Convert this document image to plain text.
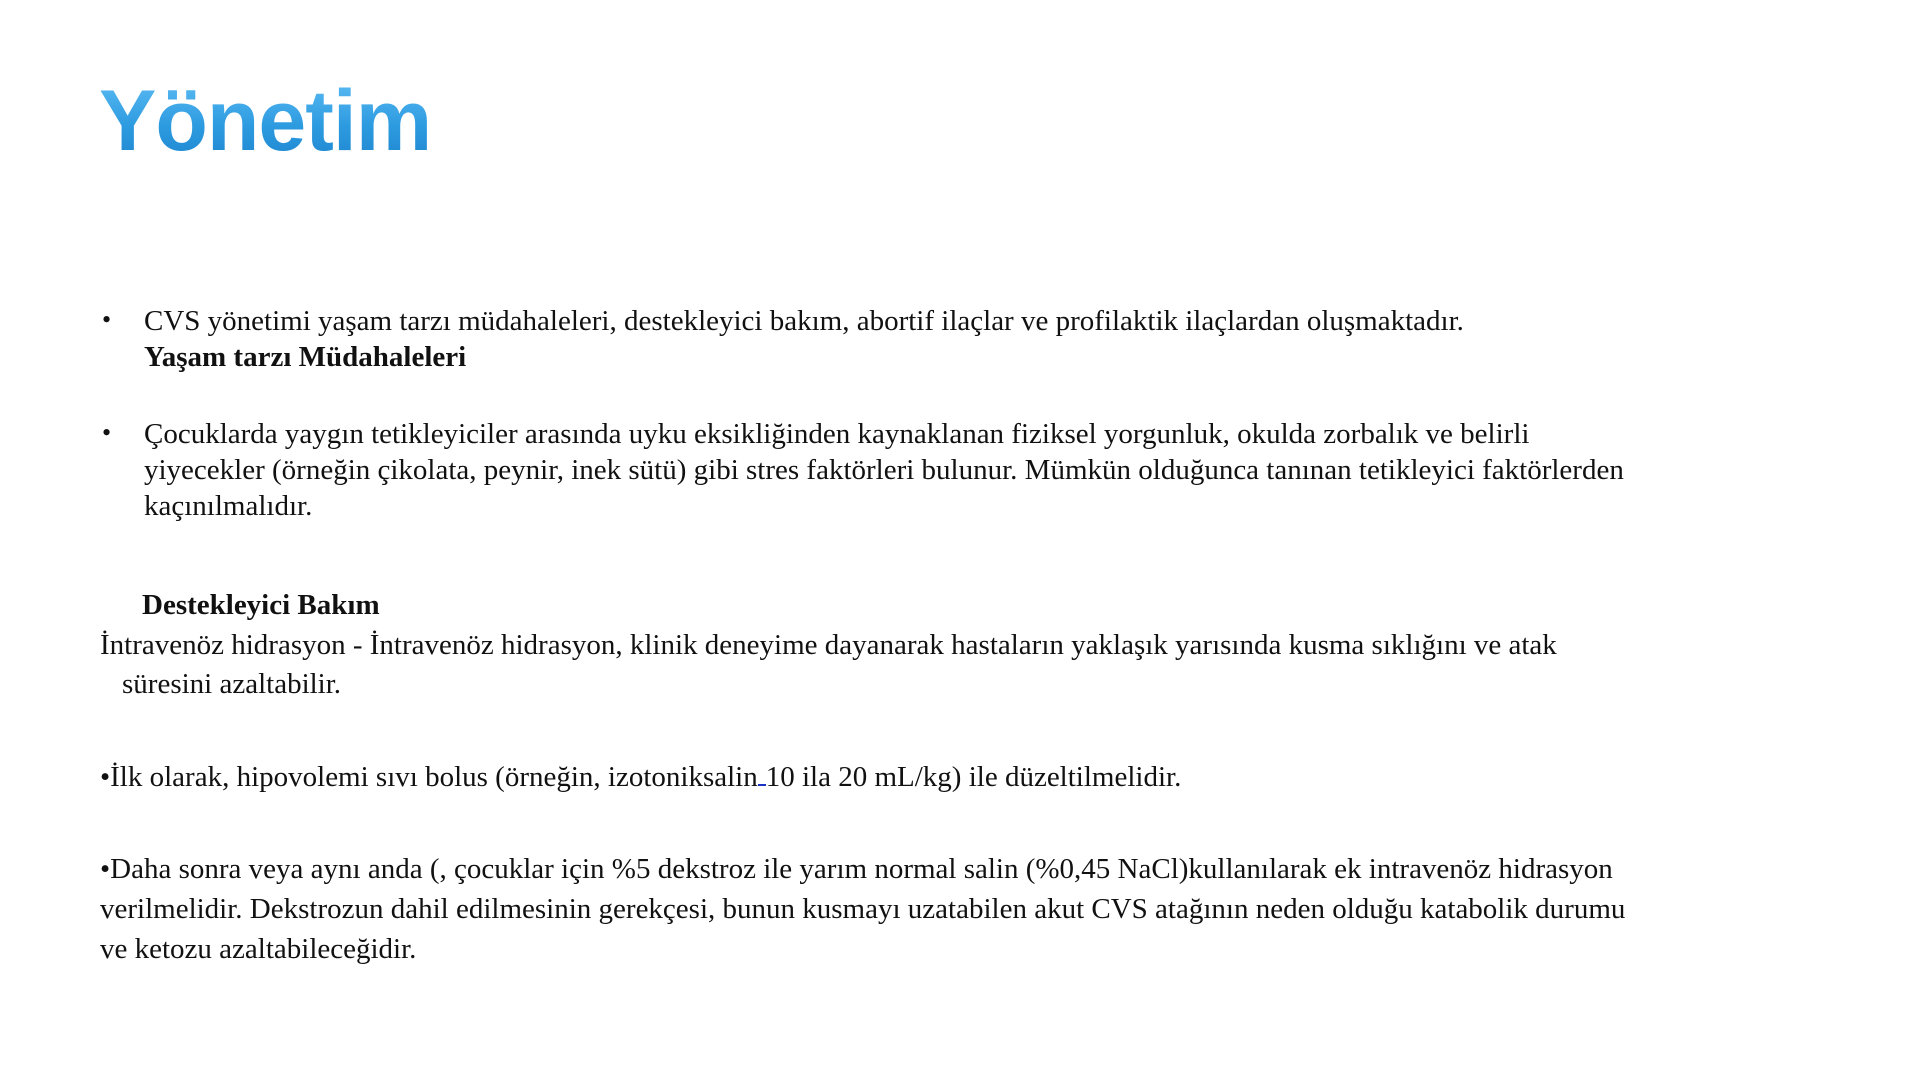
Yönetim
• CVS yönetimi yaşam tarzı müdahaleleri, destekleyici bakım, abortif ilaçlar ve profilaktik ilaçlardan oluşmaktadır.
Yaşam tarzı Müdahaleleri
• Çocuklarda yaygın tetikleyiciler arasında uyku eksikliğinden kaynaklanan fiziksel yorgunluk, okulda zorbalık ve belirli
yiyecekler (örneğin çikolata, peynir, inek sütü) gibi stres faktörleri bulunur. Mümkün olduğunca tanınan tetikleyici faktörlerden
kaçınılmalıdır.
Destekleyici Bakım
İntravenöz hidrasyon - İntravenöz hidrasyon, klinik deneyime dayanarak hastaların yaklaşık yarısında kusma sıklığını ve atak
süresini azaltabilir.
•İlk olarak, hipovolemi sıvı bolus (örneğin, izotoniksalin 10 ila 20 mL/kg) ile düzeltilmelidir.
•Daha sonra veya aynı anda (, çocuklar için %5 dekstroz ile yarım normal salin (%0,45 NaCl)kullanılarak ek intravenöz hidrasyon
verilmelidir. Dekstrozun dahil edilmesinin gerekçesi, bunun kusmayı uzatabilen akut CVS atağının neden olduğu katabolik durumu
ve ketozu azaltabileceğidir.
